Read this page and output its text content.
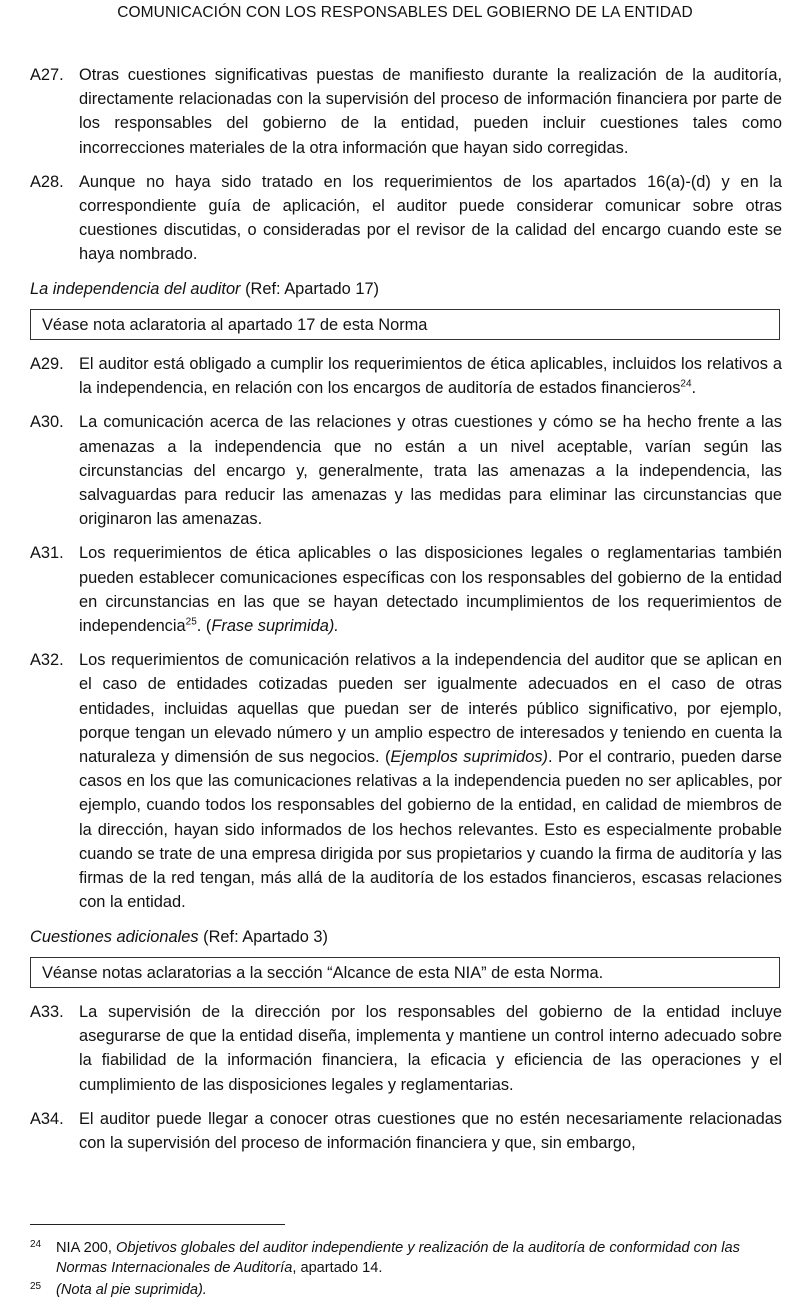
COMUNICACIÓN CON LOS RESPONSABLES DEL GOBIERNO DE LA ENTIDAD
A27. Otras cuestiones significativas puestas de manifiesto durante la realización de la auditoría, directamente relacionadas con la supervisión del proceso de información financiera por parte de los responsables del gobierno de la entidad, pueden incluir cuestiones tales como incorrecciones materiales de la otra información que hayan sido corregidas.
A28. Aunque no haya sido tratado en los requerimientos de los apartados 16(a)-(d) y en la correspondiente guía de aplicación, el auditor puede considerar comunicar sobre otras cuestiones discutidas, o consideradas por el revisor de la calidad del encargo cuando este se haya nombrado.
La independencia del auditor (Ref: Apartado 17)
Véase nota aclaratoria al apartado 17 de esta Norma
A29. El auditor está obligado a cumplir los requerimientos de ética aplicables, incluidos los relativos a la independencia, en relación con los encargos de auditoría de estados financieros$^{24}$.
A30. La comunicación acerca de las relaciones y otras cuestiones y cómo se ha hecho frente a las amenazas a la independencia que no están a un nivel aceptable, varían según las circunstancias del encargo y, generalmente, trata las amenazas a la independencia, las salvaguardas para reducir las amenazas y las medidas para eliminar las circunstancias que originaron las amenazas.
A31. Los requerimientos de ética aplicables o las disposiciones legales o reglamentarias también pueden establecer comunicaciones específicas con los responsables del gobierno de la entidad en circunstancias en las que se hayan detectado incumplimientos de los requerimientos de independencia$^{25}$. (Frase suprimida).
A32. Los requerimientos de comunicación relativos a la independencia del auditor que se aplican en el caso de entidades cotizadas pueden ser igualmente adecuados en el caso de otras entidades, incluidas aquellas que puedan ser de interés público significativo, por ejemplo, porque tengan un elevado número y un amplio espectro de interesados y teniendo en cuenta la naturaleza y dimensión de sus negocios. (Ejemplos suprimidos). Por el contrario, pueden darse casos en los que las comunicaciones relativas a la independencia pueden no ser aplicables, por ejemplo, cuando todos los responsables del gobierno de la entidad, en calidad de miembros de la dirección, hayan sido informados de los hechos relevantes. Esto es especialmente probable cuando se trate de una empresa dirigida por sus propietarios y cuando la firma de auditoría y las firmas de la red tengan, más allá de la auditoría de los estados financieros, escasas relaciones con la entidad.
Cuestiones adicionales (Ref: Apartado 3)
Véanse notas aclaratorias a la sección “Alcance de esta NIA” de esta Norma.
A33. La supervisión de la dirección por los responsables del gobierno de la entidad incluye asegurarse de que la entidad diseña, implementa y mantiene un control interno adecuado sobre la fiabilidad de la información financiera, la eficacia y eficiencia de las operaciones y el cumplimiento de las disposiciones legales y reglamentarias.
A34. El auditor puede llegar a conocer otras cuestiones que no estén necesariamente relacionadas con la supervisión del proceso de información financiera y que, sin embargo,
$^{24}$	NIA 200, Objetivos globales del auditor independiente y realización de la auditoría de conformidad con las Normas Internacionales de Auditoría, apartado 14.
$^{25}$	(Nota al pie suprimida).
